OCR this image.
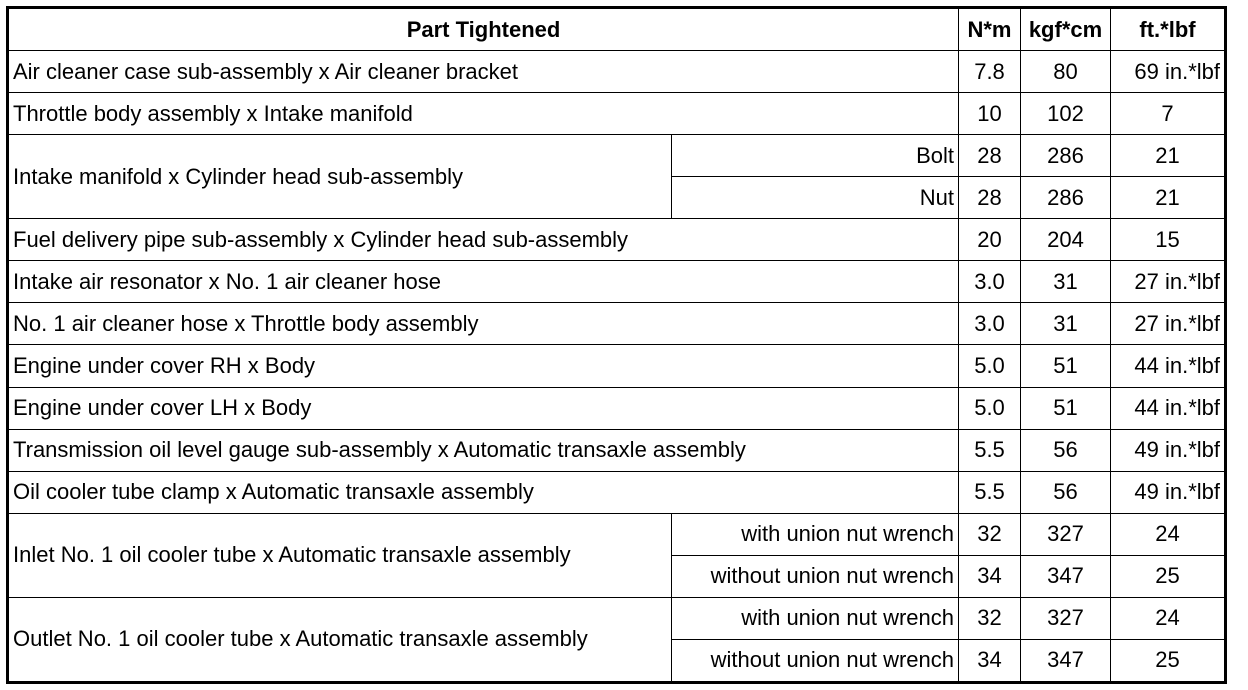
Part Tightened		N*m	kgf*cm	ft.*lbf
Air cleaner case sub-assembly x Air cleaner bracket		7.8	80	69 in.*lbf
Throttle body assembly x Intake manifold		10	102	7
Intake manifold x Cylinder head sub-assembly	Bolt	28	286	21
	Nut	28	286	21
Fuel delivery pipe sub-assembly x Cylinder head sub-assembly		20	204	15
Intake air resonator x No. 1 air cleaner hose		3.0	31	27 in.*lbf
No. 1 air cleaner hose x Throttle body assembly		3.0	31	27 in.*lbf
Engine under cover RH x Body		5.0	51	44 in.*lbf
Engine under cover LH x Body		5.0	51	44 in.*lbf
Transmission oil level gauge sub-assembly x Automatic transaxle assembly		5.5	56	49 in.*lbf
Oil cooler tube clamp x Automatic transaxle assembly		5.5	56	49 in.*lbf
Inlet No. 1 oil cooler tube x Automatic transaxle assembly	with union nut wrench	32	327	24
	without union nut wrench	34	347	25
Outlet No. 1 oil cooler tube x Automatic transaxle assembly	with union nut wrench	32	327	24
	without union nut wrench	34	347	25
